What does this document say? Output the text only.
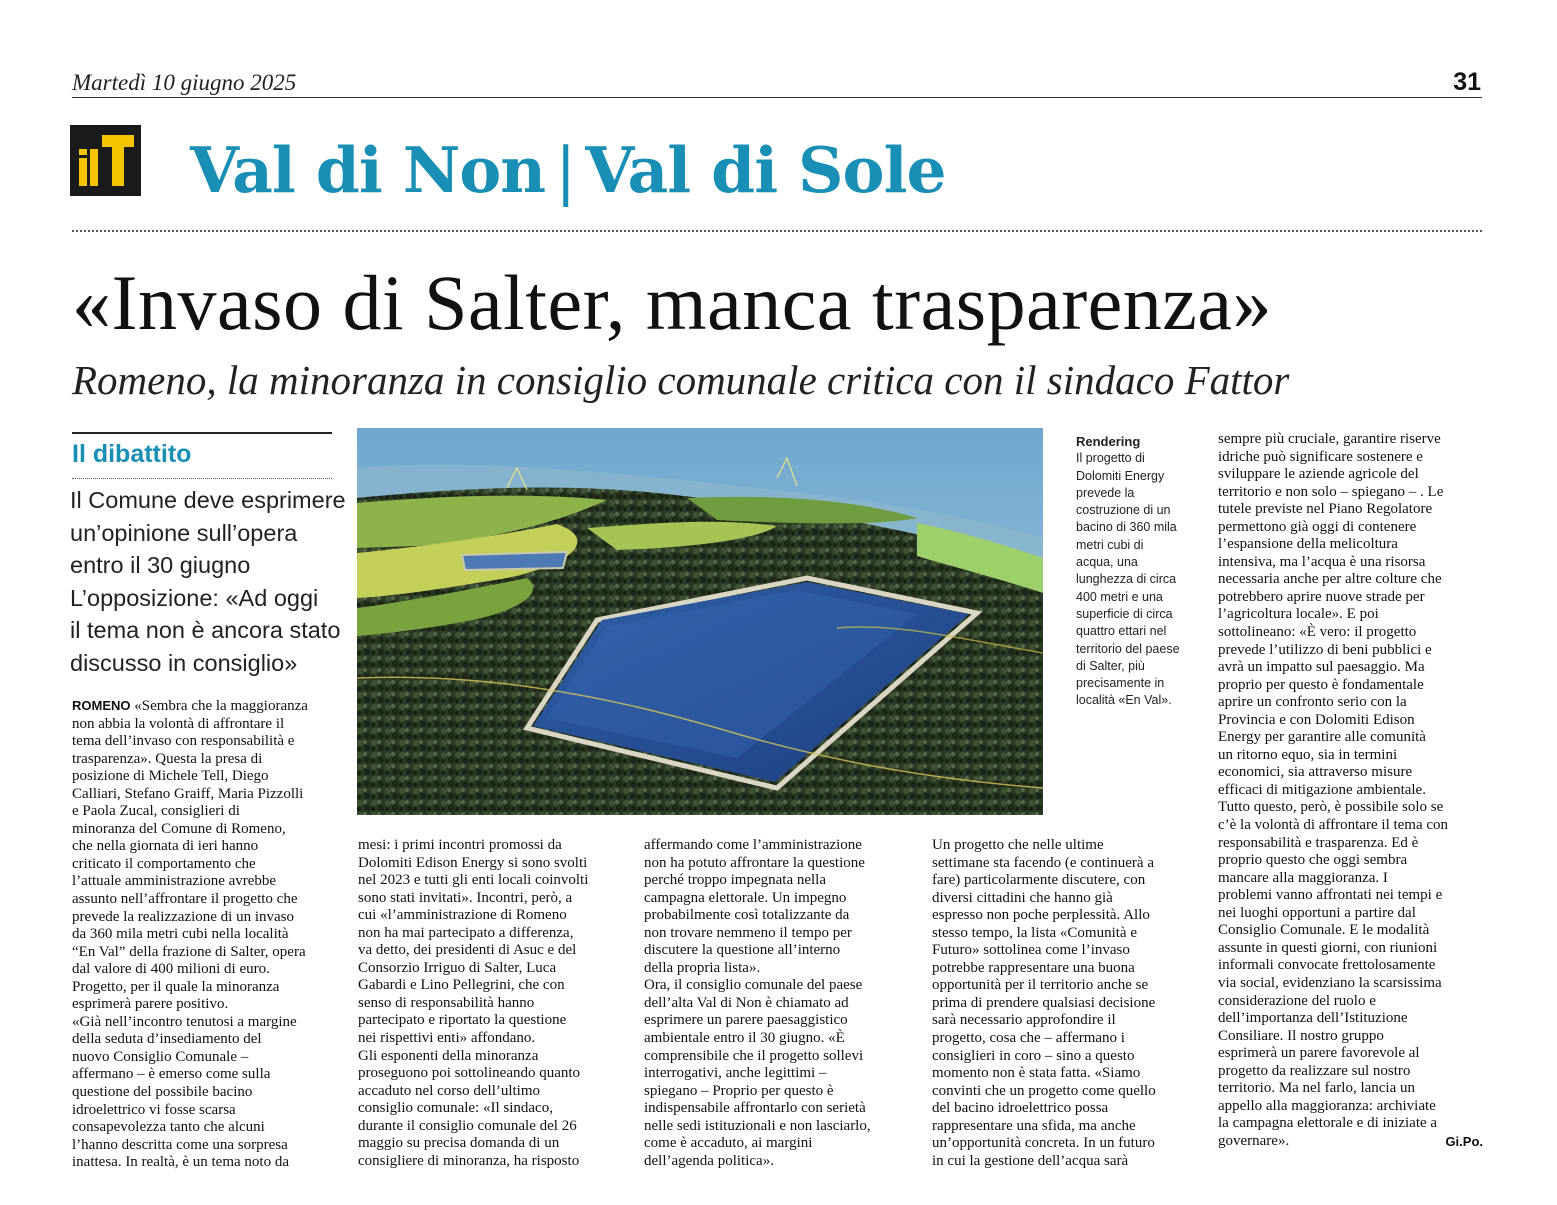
Martedì 10 giugno 2025	31
Val di Non | Val di Sole
«Invaso di Salter, manca trasparenza»
Romeno, la minoranza in consiglio comunale critica con il sindaco Fattor
Il dibattito
Il Comune deve esprimere
un’opinione sull’opera
entro il 30 giugno
L’opposizione: «Ad oggi
il tema non è ancora stato
discusso in consiglio»
Rendering
Il progetto di
Dolomiti Energy
prevede la
costruzione di un
bacino di 360 mila
metri cubi di
acqua, una
lunghezza di circa
400 metri e una
superficie di circa
quattro ettari nel
territorio del paese
di Salter, più
precisamente in
località «En Val».
ROMENO «Sembra che la maggioranza
non abbia la volontà di affrontare il
tema dell’invaso con responsabilità e
trasparenza». Questa la presa di
posizione di Michele Tell, Diego
Calliari, Stefano Graiff, Maria Pizzolli
e Paola Zucal, consiglieri di
minoranza del Comune di Romeno,
che nella giornata di ieri hanno
criticato il comportamento che
l’attuale amministrazione avrebbe
assunto nell’affrontare il progetto che
prevede la realizzazione di un invaso
da 360 mila metri cubi nella località
“En Val” della frazione di Salter, opera
dal valore di 400 milioni di euro.
Progetto, per il quale la minoranza
esprimerà parere positivo.
«Già nell’incontro tenutosi a margine
della seduta d’insediamento del
nuovo Consiglio Comunale –
affermano – è emerso come sulla
questione del possibile bacino
idroelettrico vi fosse scarsa
consapevolezza tanto che alcuni
l’hanno descritta come una sorpresa
inattesa. In realtà, è un tema noto da
mesi: i primi incontri promossi da
Dolomiti Edison Energy si sono svolti
nel 2023 e tutti gli enti locali coinvolti
sono stati invitati». Incontri, però, a
cui «l’amministrazione di Romeno
non ha mai partecipato a differenza,
va detto, dei presidenti di Asuc e del
Consorzio Irriguo di Salter, Luca
Gabardi e Lino Pellegrini, che con
senso di responsabilità hanno
partecipato e riportato la questione
nei rispettivi enti» affondano.
Gli esponenti della minoranza
proseguono poi sottolineando quanto
accaduto nel corso dell’ultimo
consiglio comunale: «Il sindaco,
durante il consiglio comunale del 26
maggio su precisa domanda di un
consigliere di minoranza, ha risposto
affermando come l’amministrazione
non ha potuto affrontare la questione
perché troppo impegnata nella
campagna elettorale. Un impegno
probabilmente così totalizzante da
non trovare nemmeno il tempo per
discutere la questione all’interno
della propria lista».
Ora, il consiglio comunale del paese
dell’alta Val di Non è chiamato ad
esprimere un parere paesaggistico
ambientale entro il 30 giugno. «È
comprensibile che il progetto sollevi
interrogativi, anche legittimi –
spiegano – Proprio per questo è
indispensabile affrontarlo con serietà
nelle sedi istituzionali e non lasciarlo,
come è accaduto, ai margini
dell’agenda politica».
Un progetto che nelle ultime
settimane sta facendo (e continuerà a
fare) particolarmente discutere, con
diversi cittadini che hanno già
espresso non poche perplessità. Allo
stesso tempo, la lista «Comunità e
Futuro» sottolinea come l’invaso
potrebbe rappresentare una buona
opportunità per il territorio anche se
prima di prendere qualsiasi decisione
sarà necessario approfondire il
progetto, cosa che – affermano i
consiglieri in coro – sino a questo
momento non è stata fatta. «Siamo
convinti che un progetto come quello
del bacino idroelettrico possa
rappresentare una sfida, ma anche
un’opportunità concreta. In un futuro
in cui la gestione dell’acqua sarà
sempre più cruciale, garantire riserve
idriche può significare sostenere e
sviluppare le aziende agricole del
territorio e non solo – spiegano – . Le
tutele previste nel Piano Regolatore
permettono già oggi di contenere
l’espansione della melicoltura
intensiva, ma l’acqua è una risorsa
necessaria anche per altre colture che
potrebbero aprire nuove strade per
l’agricoltura locale». E poi
sottolineano: «È vero: il progetto
prevede l’utilizzo di beni pubblici e
avrà un impatto sul paesaggio. Ma
proprio per questo è fondamentale
aprire un confronto serio con la
Provincia e con Dolomiti Edison
Energy per garantire alle comunità
un ritorno equo, sia in termini
economici, sia attraverso misure
efficaci di mitigazione ambientale.
Tutto questo, però, è possibile solo se
c’è la volontà di affrontare il tema con
responsabilità e trasparenza. Ed è
proprio questo che oggi sembra
mancare alla maggioranza. I
problemi vanno affrontati nei tempi e
nei luoghi opportuni a partire dal
Consiglio Comunale. E le modalità
assunte in questi giorni, con riunioni
informali convocate frettolosamente
via social, evidenziano la scarsissima
considerazione del ruolo e
dell’importanza dell’Istituzione
Consiliare. Il nostro gruppo
esprimerà un parere favorevole al
progetto da realizzare sul nostro
territorio. Ma nel farlo, lancia un
appello alla maggioranza: archiviate
la campagna elettorale e di iniziate a
governare».	Gi.Po.
